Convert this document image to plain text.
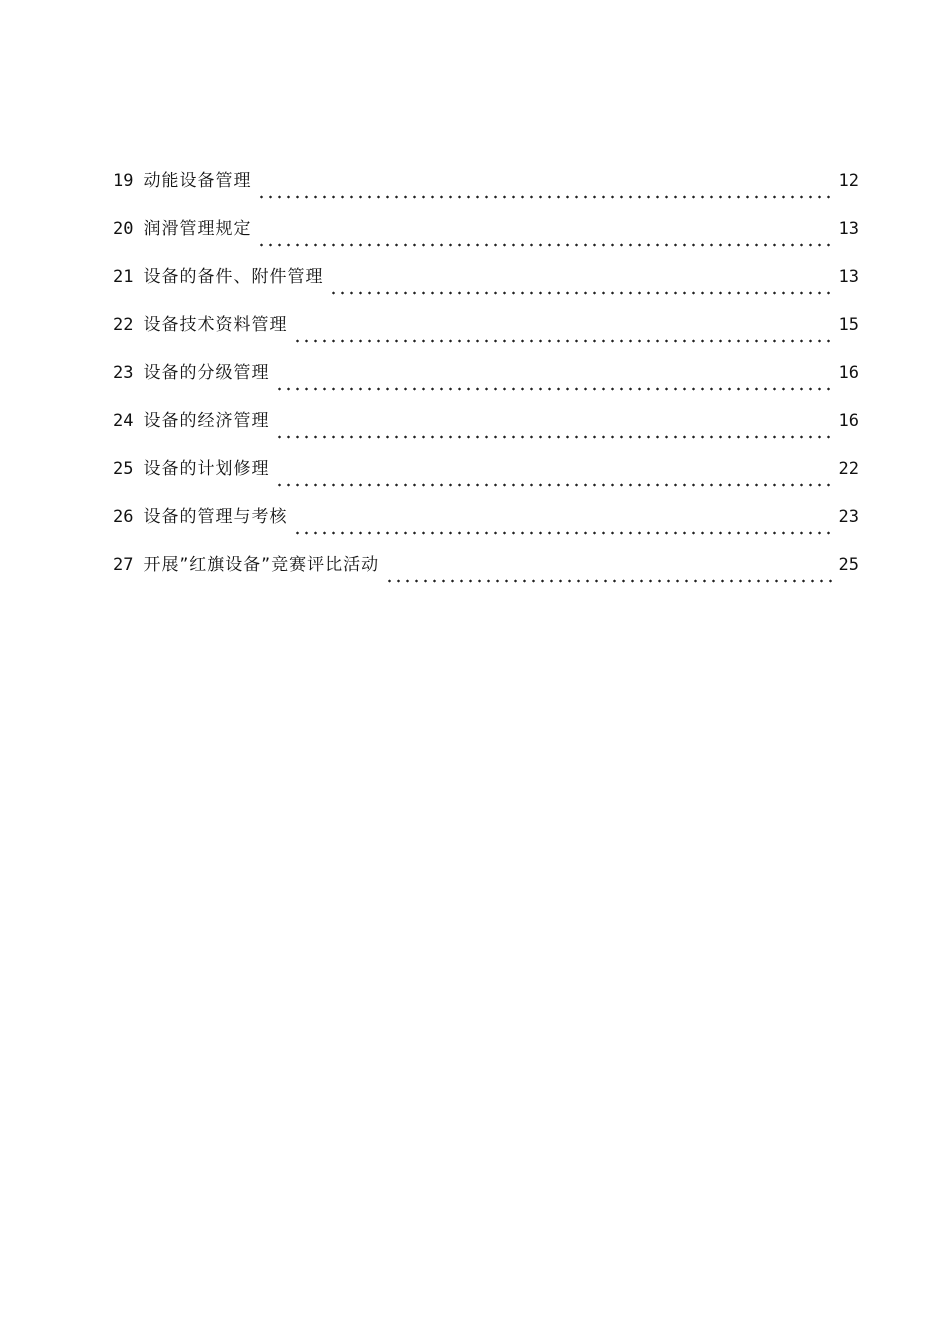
19 动能设备管理	12
20 润滑管理规定	13
21 设备的备件、附件管理	13
22 设备技术资料管理	15
23 设备的分级管理	16
24 设备的经济管理	16
25 设备的计划修理	22
26 设备的管理与考核	23
27 开展”红旗设备”竞赛评比活动	25
